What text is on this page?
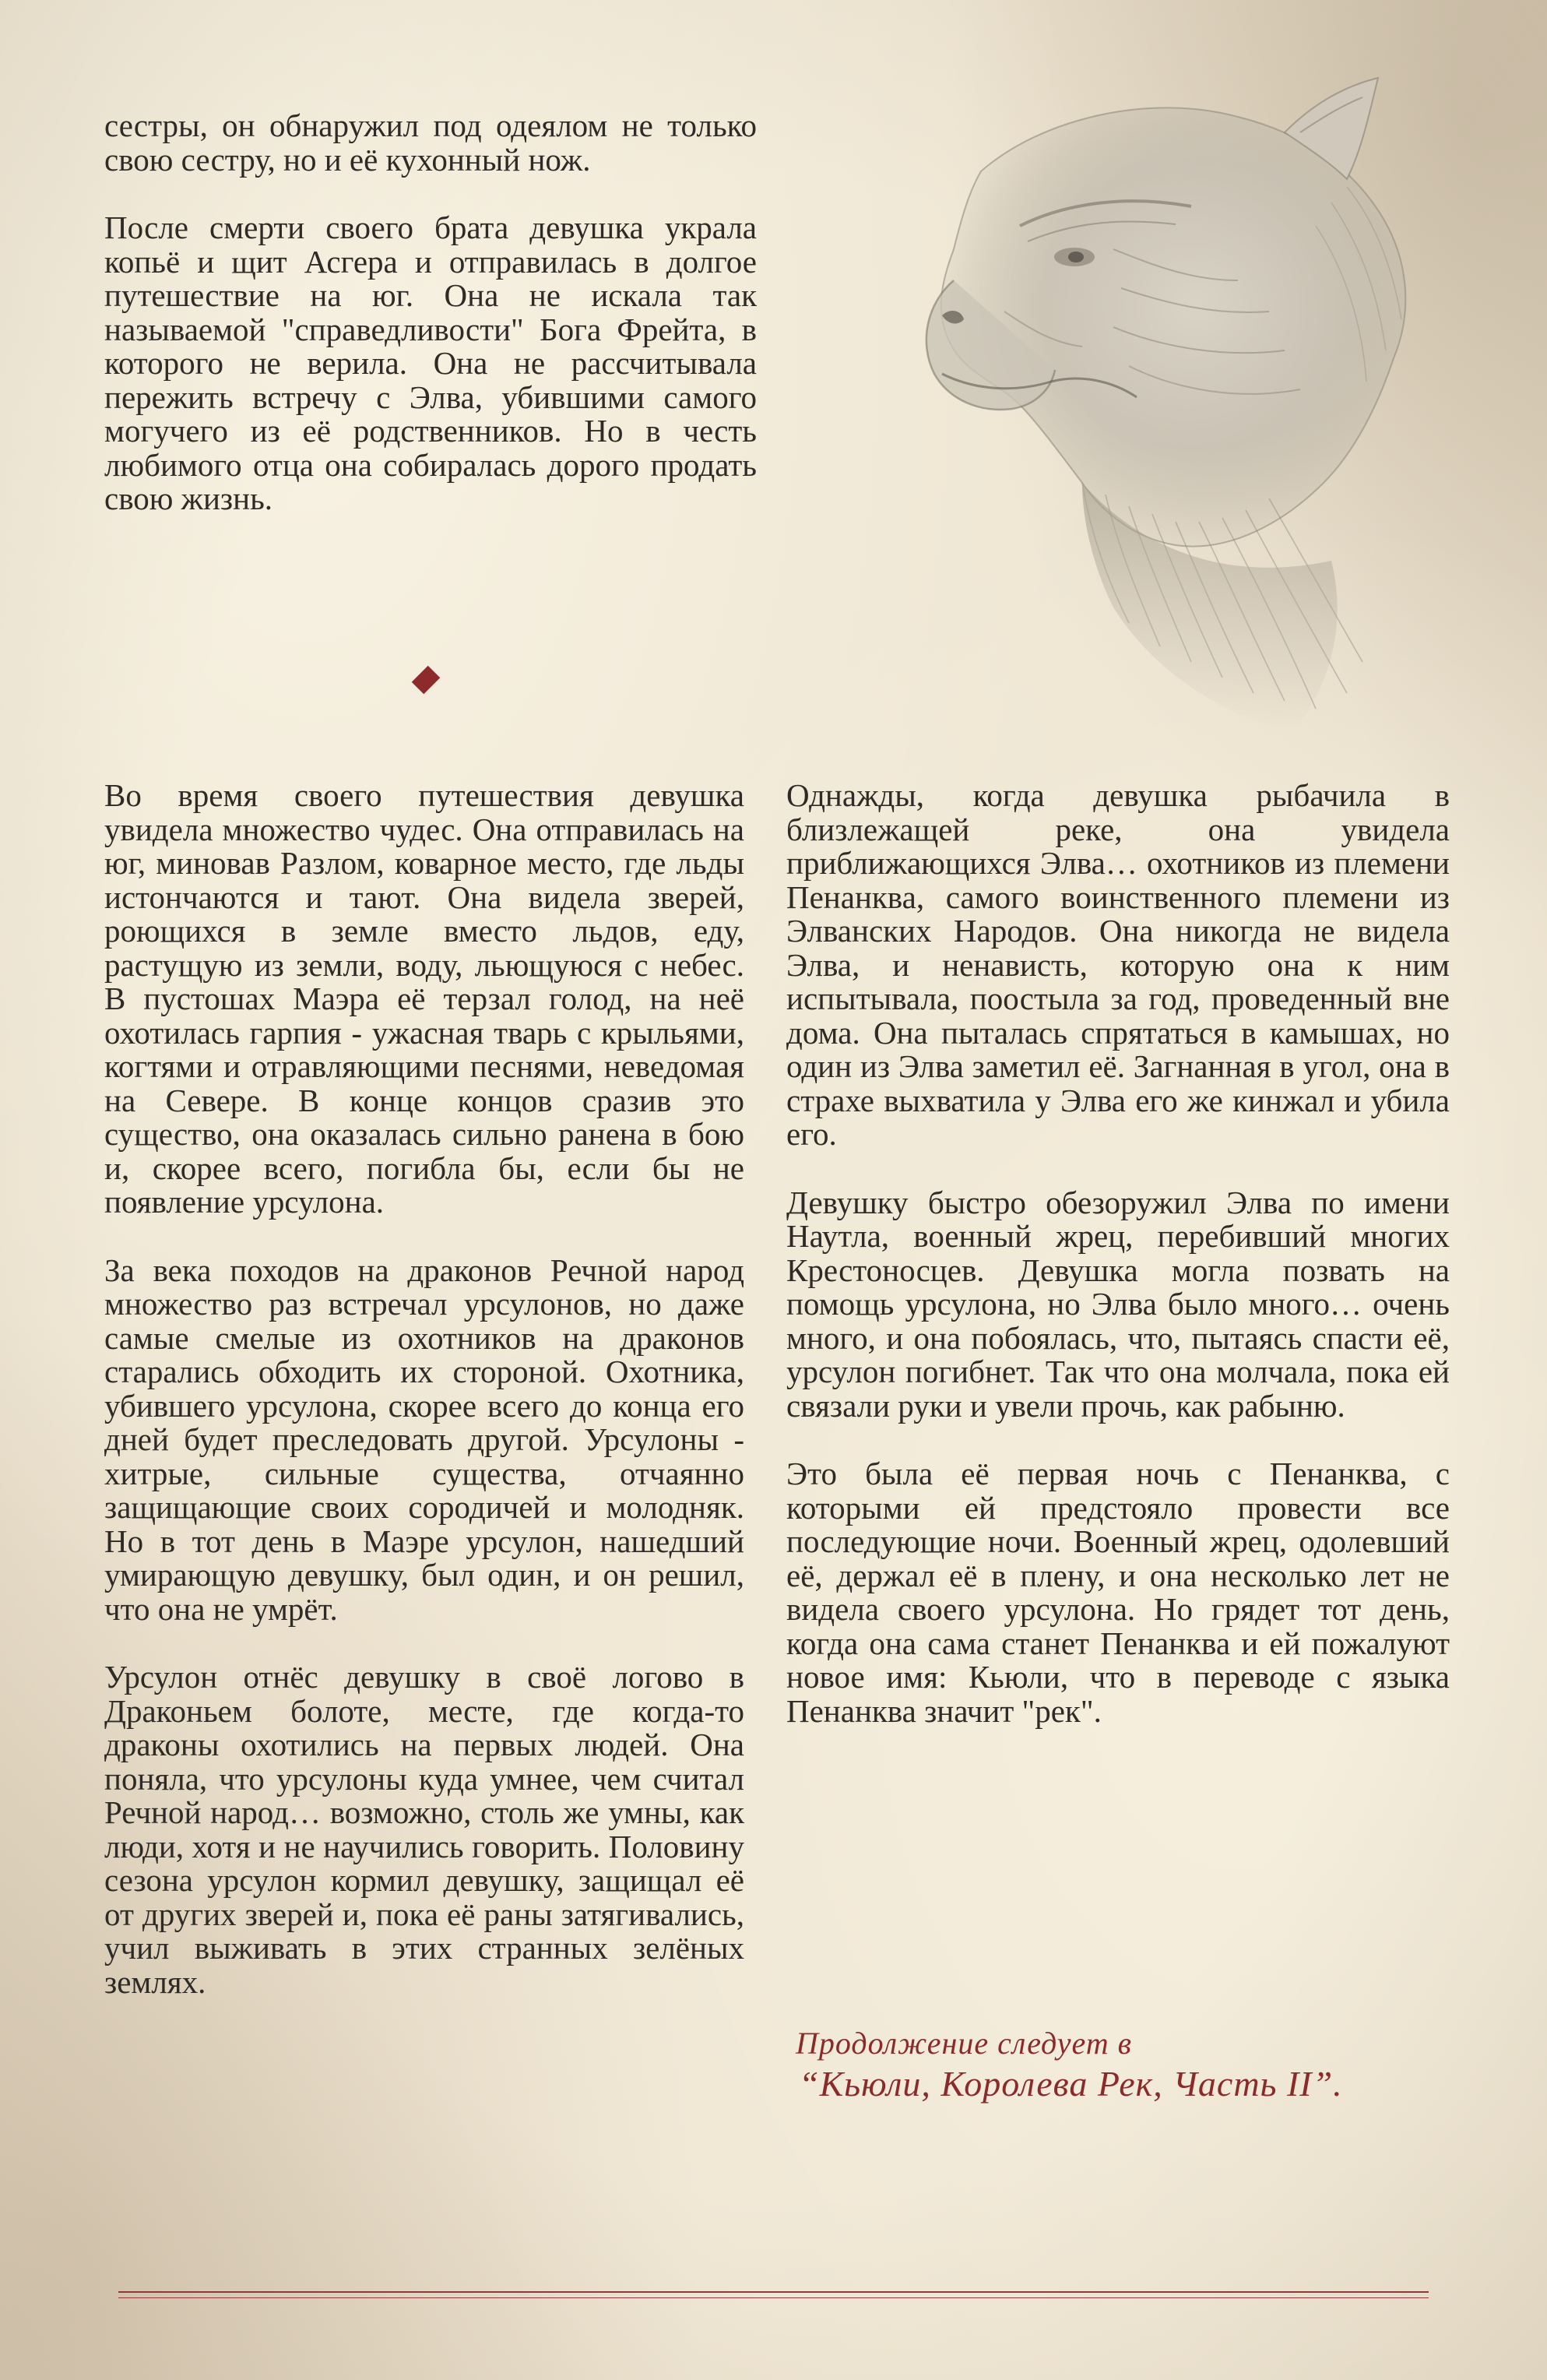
сестры, он обнаружил под одеялом не только свою сестру, но и её кухонный нож.

После смерти своего брата девушка украла копьё и щит Асгера и отправилась в долгое путешествие на юг. Она не искала так называемой "справедливости" Бога Фрейта, в которого не верила. Она не рассчитывала пережить встречу с Элва, убившими самого могучего из её родственников. Но в честь любимого отца она собиралась дорого продать свою жизнь.

Во время своего путешествия девушка увидела множество чудес. Она отправилась на юг, миновав Разлом, коварное место, где льды истончаются и тают. Она видела зверей, роющихся в земле вместо льдов, еду, растущую из земли, воду, льющуюся с небес. В пустошах Маэра её терзал голод, на неё охотилась гарпия - ужасная тварь с крыльями, когтями и отравляющими песнями, неведомая на Севере. В конце концов сразив это существо, она оказалась сильно ранена в бою и, скорее всего, погибла бы, если бы не появление урсулона.

За века походов на драконов Речной народ множество раз встречал урсулонов, но даже самые смелые из охотников на драконов старались обходить их стороной. Охотника, убившего урсулона, скорее всего до конца его дней будет преследовать другой. Урсулоны - хитрые, сильные существа, отчаянно защищающие своих сородичей и молодняк. Но в тот день в Маэре урсулон, нашедший умирающую девушку, был один, и он решил, что она не умрёт.

Урсулон отнёс девушку в своё логово в Драконьем болоте, месте, где когда-то драконы охотились на первых людей. Она поняла, что урсулоны куда умнее, чем считал Речной народ… возможно, столь же умны, как люди, хотя и не научились говорить. Половину сезона урсулон кормил девушку, защищал её от других зверей и, пока её раны затягивались, учил выживать в этих странных зелёных землях.

Однажды, когда девушка рыбачила в близлежащей реке, она увидела приближающихся Элва… охотников из племени Пенанква, самого воинственного племени из Элванских Народов. Она никогда не видела Элва, и ненависть, которую она к ним испытывала, поостыла за год, проведенный вне дома. Она пыталась спрятаться в камышах, но один из Элва заметил её. Загнанная в угол, она в страхе выхватила у Элва его же кинжал и убила его.

Девушку быстро обезоружил Элва по имени Наутла, военный жрец, перебивший многих Крестоносцев. Девушка могла позвать на помощь урсулона, но Элва было много… очень много, и она побоялась, что, пытаясь спасти её, урсулон погибнет. Так что она молчала, пока ей связали руки и увели прочь, как рабыню.

Это была её первая ночь с Пенанква, с которыми ей предстояло провести все последующие ночи. Военный жрец, одолевший её, держал её в плену, и она несколько лет не видела своего урсулона. Но грядет тот день, когда она сама станет Пенанква и ей пожалуют новое имя: Кьюли, что в переводе с языка Пенанква значит "рек".

Продолжение следует в
“Кьюли, Королева Рек, Часть II”.
